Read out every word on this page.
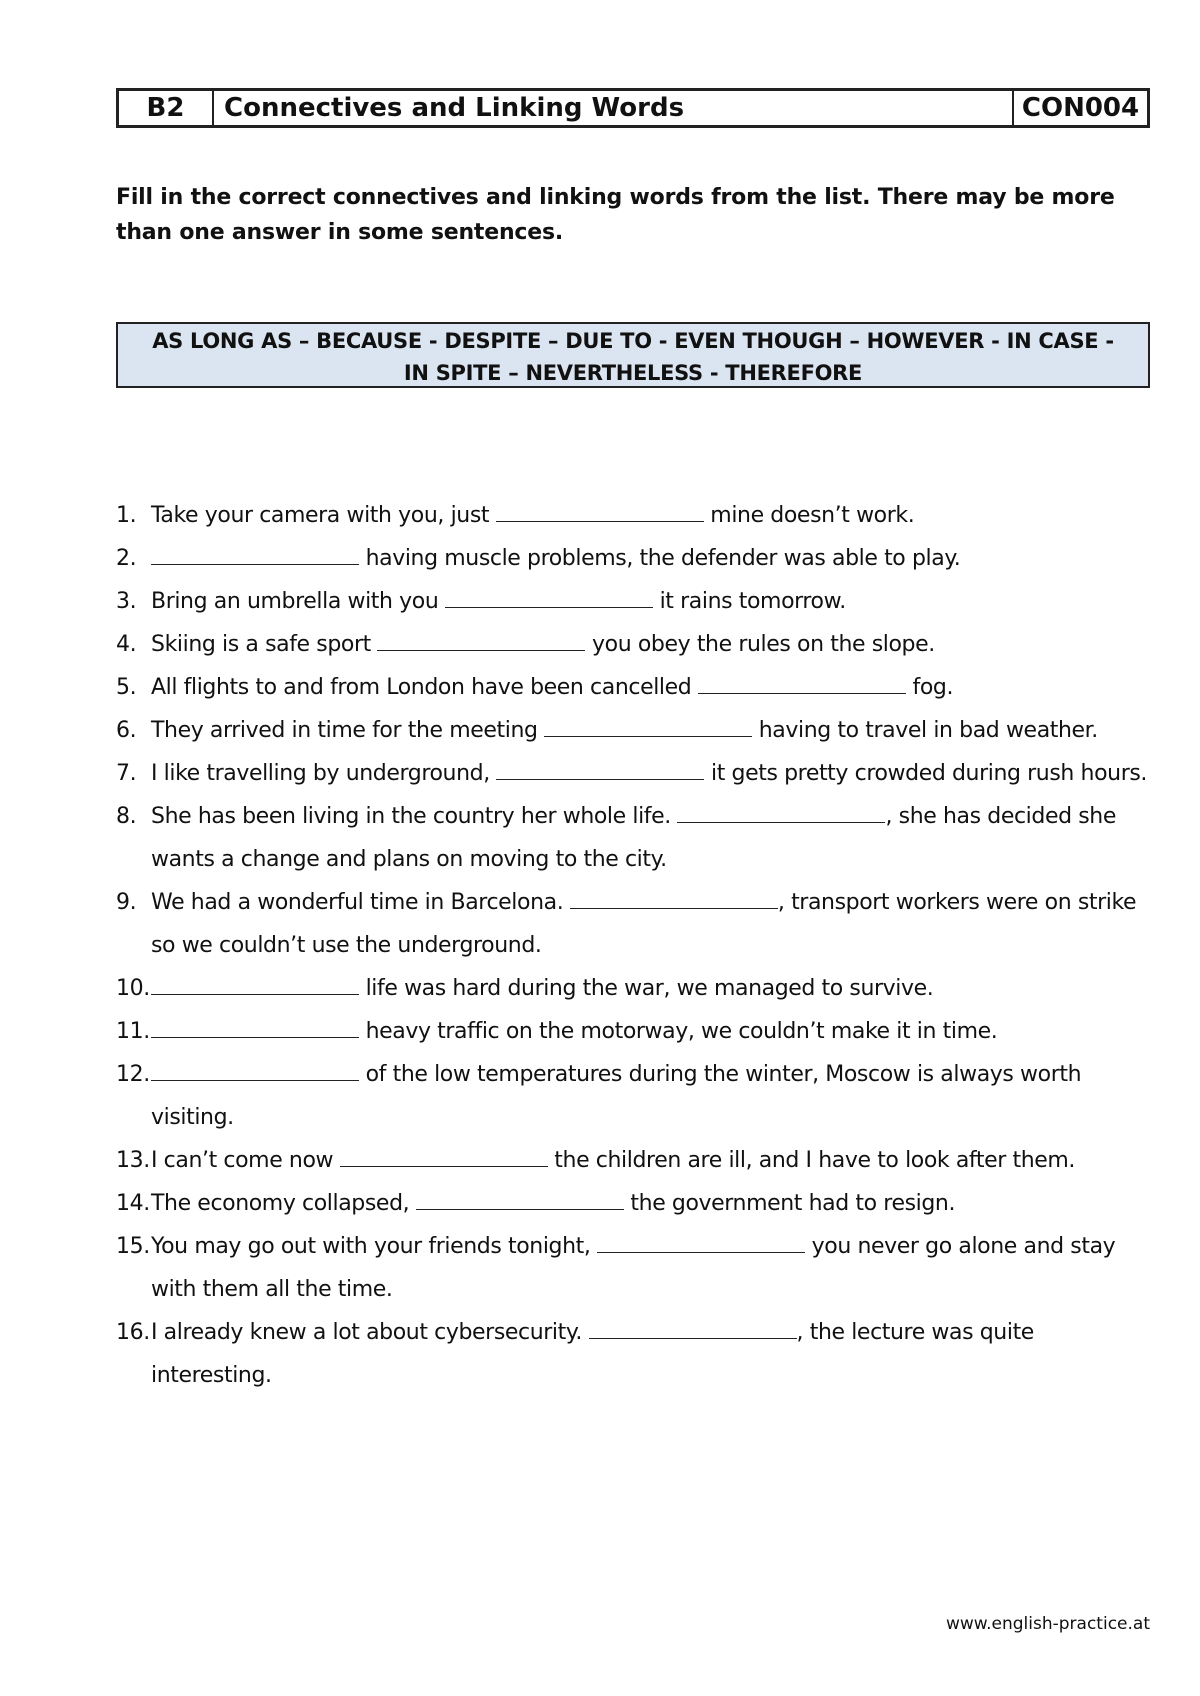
B2	Connectives and Linking Words	CON004
Fill in the correct connectives and linking words from the list. There may be more than one answer in some sentences.
AS LONG AS – BECAUSE - DESPITE – DUE TO - EVEN THOUGH – HOWEVER - IN CASE -
IN SPITE – NEVERTHELESS - THEREFORE
1. Take your camera with you, just	mine doesn’t work.
2.	having muscle problems, the defender was able to play.
3. Bring an umbrella with you	it rains tomorrow.
4. Skiing is a safe sport	you obey the rules on the slope.
5. All flights to and from London have been cancelled	fog.
6. They arrived in time for the meeting	having to travel in bad weather.
7. I like travelling by underground,	it gets pretty crowded during rush hours.
8. She has been living in the country her whole life.	, she has decided she wants a change and plans on moving to the city.
9. We had a wonderful time in Barcelona.	, transport workers were on strike so we couldn’t use the underground.
10.	life was hard during the war, we managed to survive.
11.	heavy traffic on the motorway, we couldn’t make it in time.
12.	of the low temperatures during the winter, Moscow is always worth visiting.
13. I can’t come now	the children are ill, and I have to look after them.
14. The economy collapsed,	the government had to resign.
15. You may go out with your friends tonight,	you never go alone and stay with them all the time.
16. I already knew a lot about cybersecurity.	, the lecture was quite interesting.
www.english-practice.at
